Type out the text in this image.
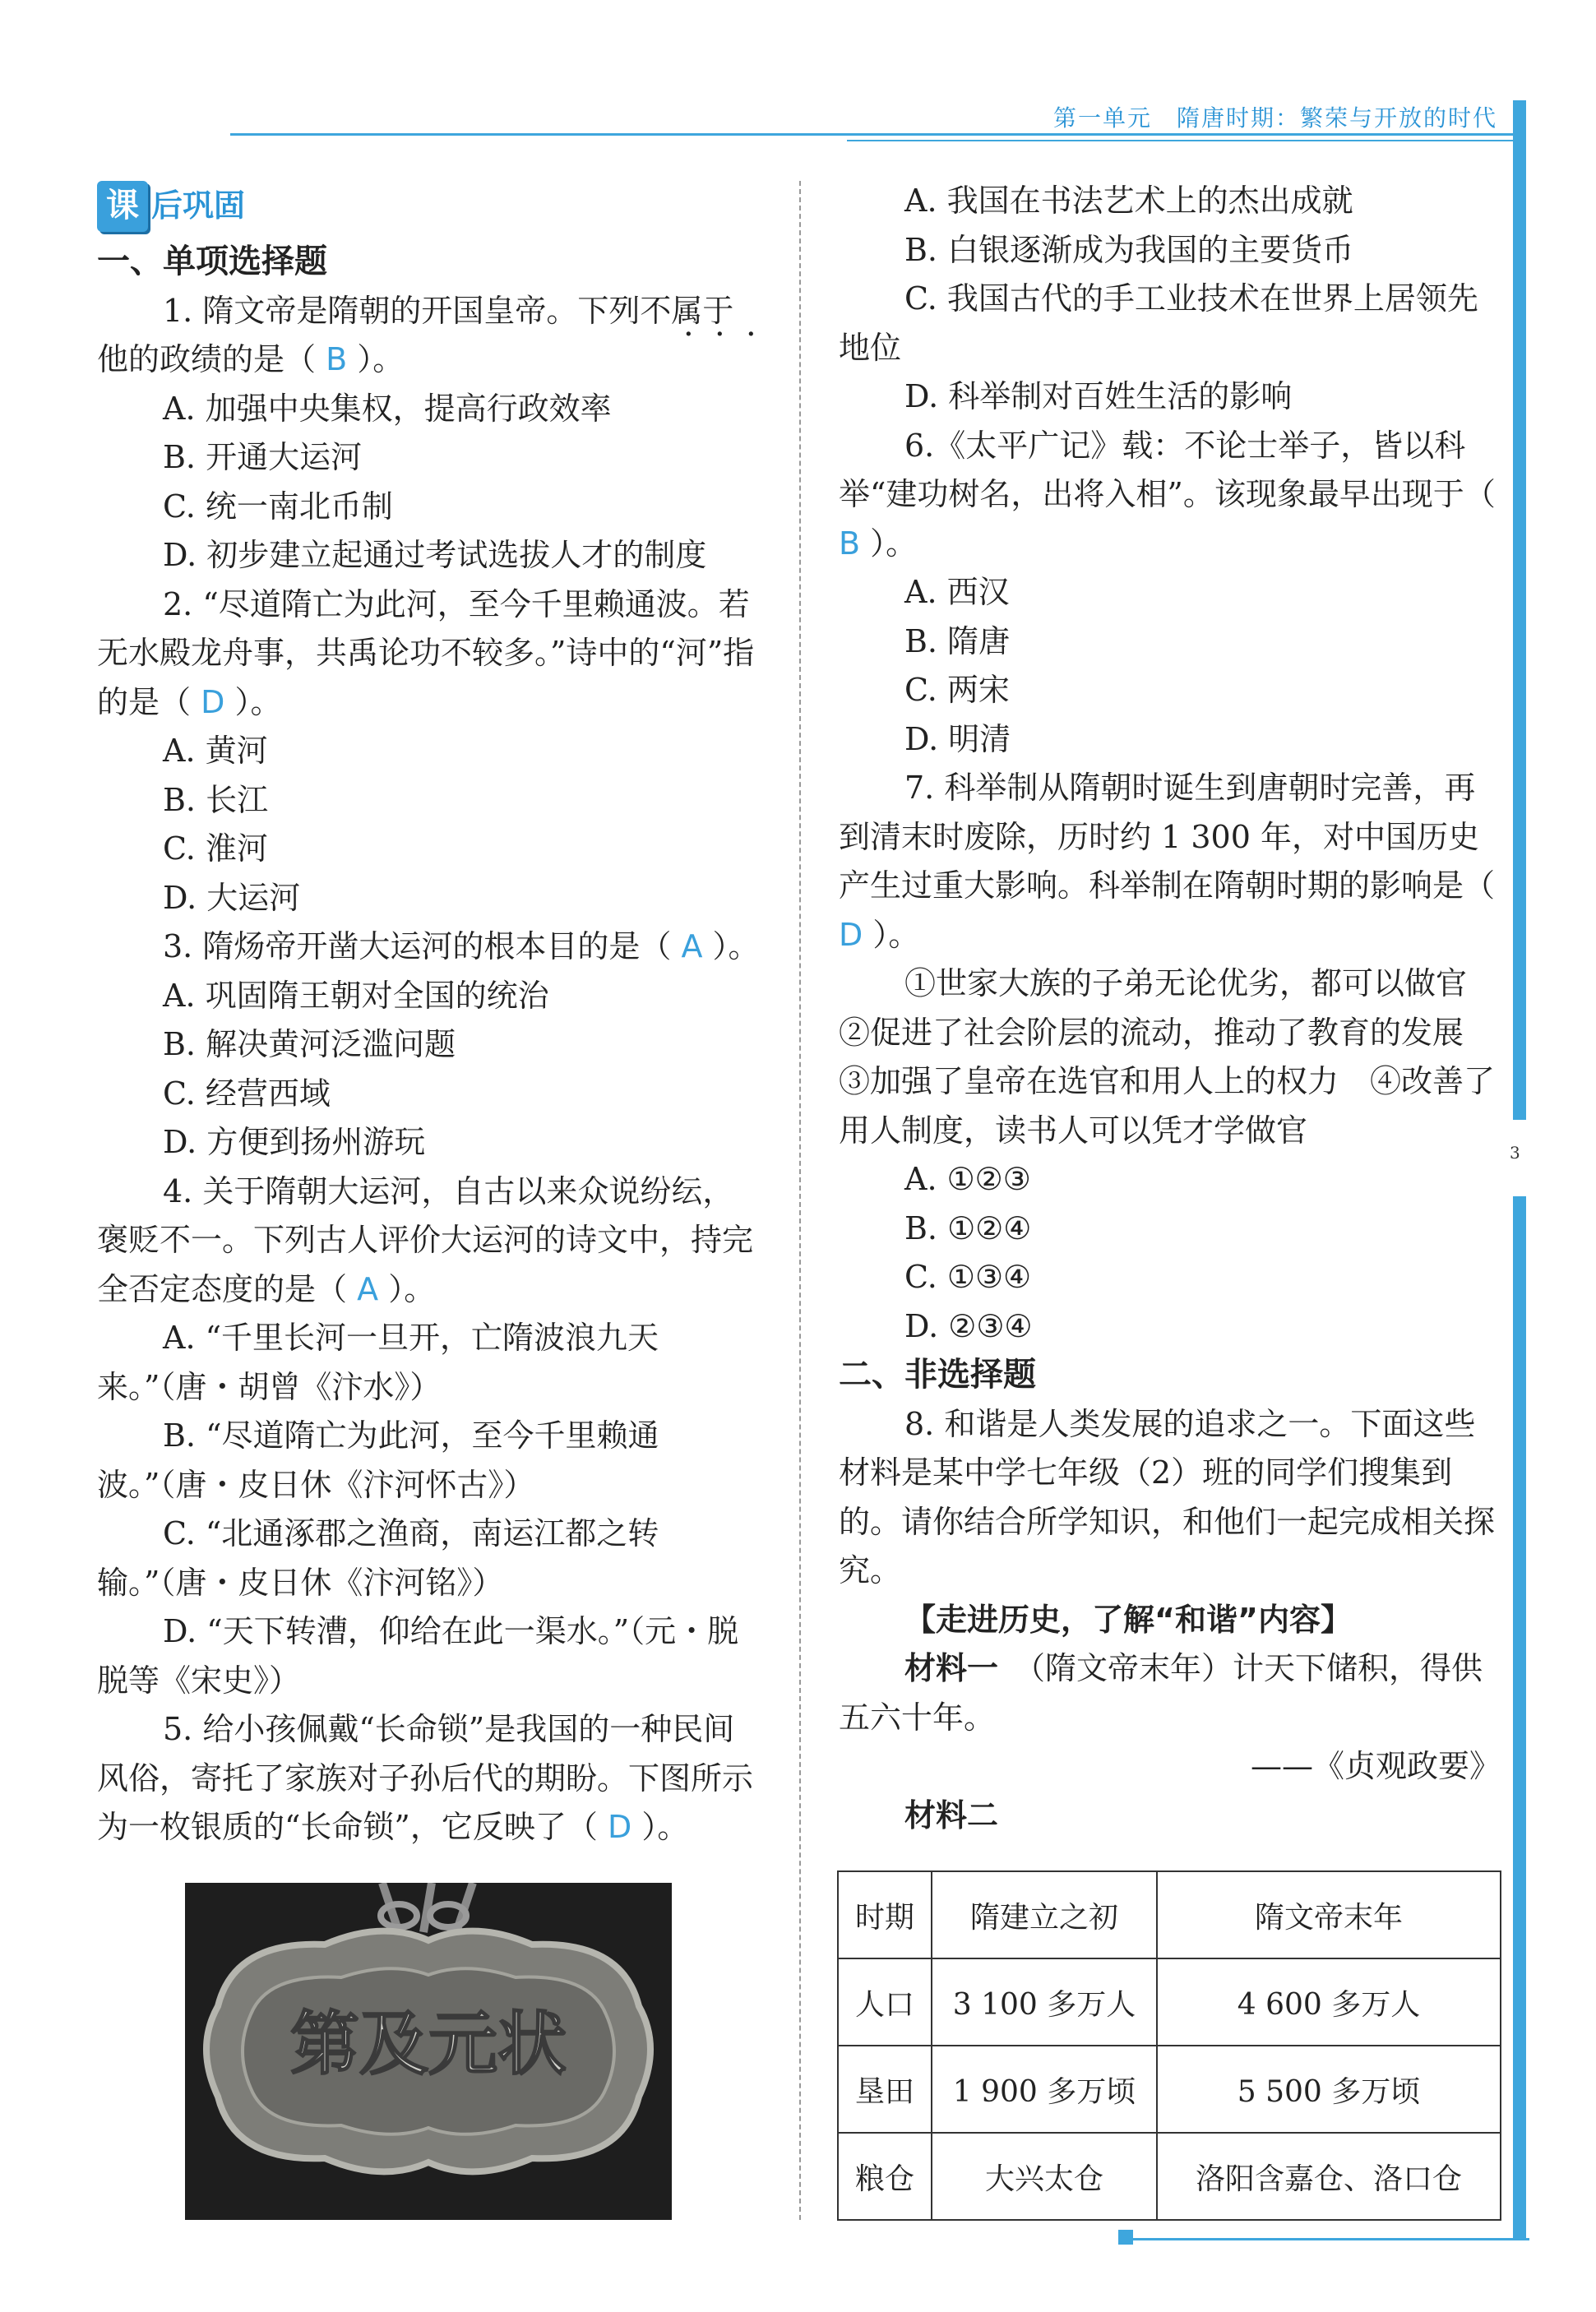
第一单元　隋唐时期：繁荣与开放的时代
3
课 后巩固

一、单项选择题

1. 隋文帝是隋朝的开国皇帝。下列不属于他的政绩的是（ B ）。

A. 加强中央集权，提高行政效率

B. 开通大运河

C. 统一南北币制

D. 初步建立起通过考试选拔人才的制度

2. “尽道隋亡为此河，至今千里赖通波。若无水殿龙舟事，共禹论功不较多。”诗中的“河”指的是（ D ）。

A. 黄河

B. 长江

C. 淮河

D. 大运河

3. 隋炀帝开凿大运河的根本目的是（ A ）。

A. 巩固隋王朝对全国的统治

B. 解决黄河泛滥问题

C. 经营西域

D. 方便到扬州游玩

4. 关于隋朝大运河，自古以来众说纷纭，褒贬不一。下列古人评价大运河的诗文中，持完全否定态度的是（ A ）。

A. “千里长河一旦开，亡隋波浪九天来。”（唐・胡曾《汴水》）

B. “尽道隋亡为此河，至今千里赖通波。”（唐・皮日休《汴河怀古》）

C. “北通涿郡之渔商，南运江都之转输。”（唐・皮日休《汴河铭》）

D. “天下转漕，仰给在此一渠水。”（元・脱脱等《宋史》）

5. 给小孩佩戴“长命锁”是我国的一种民间风俗，寄托了家族对子孙后代的期盼。下图所示为一枚银质的“长命锁”，它反映了（ D ）。

第及元状

A. 我国在书法艺术上的杰出成就

B. 白银逐渐成为我国的主要货币

C. 我国古代的手工业技术在世界上居领先地位

D. 科举制对百姓生活的影响

6.《太平广记》载：不论士举子，皆以科举“建功树名，出将入相”。该现象最早出现于（ B ）。

A. 西汉

B. 隋唐

C. 两宋

D. 明清

7. 科举制从隋朝时诞生到唐朝时完善，再到清末时废除，历时约 1 300 年，对中国历史产生过重大影响。科举制在隋朝时期的影响是（ D ）。

①世家大族的子弟无论优劣，都可以做官　②促进了社会阶层的流动，推动了教育的发展　③加强了皇帝在选官和用人上的权力　④改善了用人制度，读书人可以凭才学做官

A. ①②③

B. ①②④

C. ①③④

D. ②③④

二、非选择题

8. 和谐是人类发展的追求之一。下面这些材料是某中学七年级（2）班的同学们搜集到的。请你结合所学知识，和他们一起完成相关探究。

【走进历史，了解“和谐”内容】

材料一　 （隋文帝末年）计天下储积，得供五六十年。

——《贞观政要》

材料二

时期	隋建立之初	隋文帝末年
人口	3 100 多万人	4 600 多万人
垦田	1 900 多万顷	5 500 多万顷
粮仓	大兴太仓	洛阳含嘉仓、洛口仓
